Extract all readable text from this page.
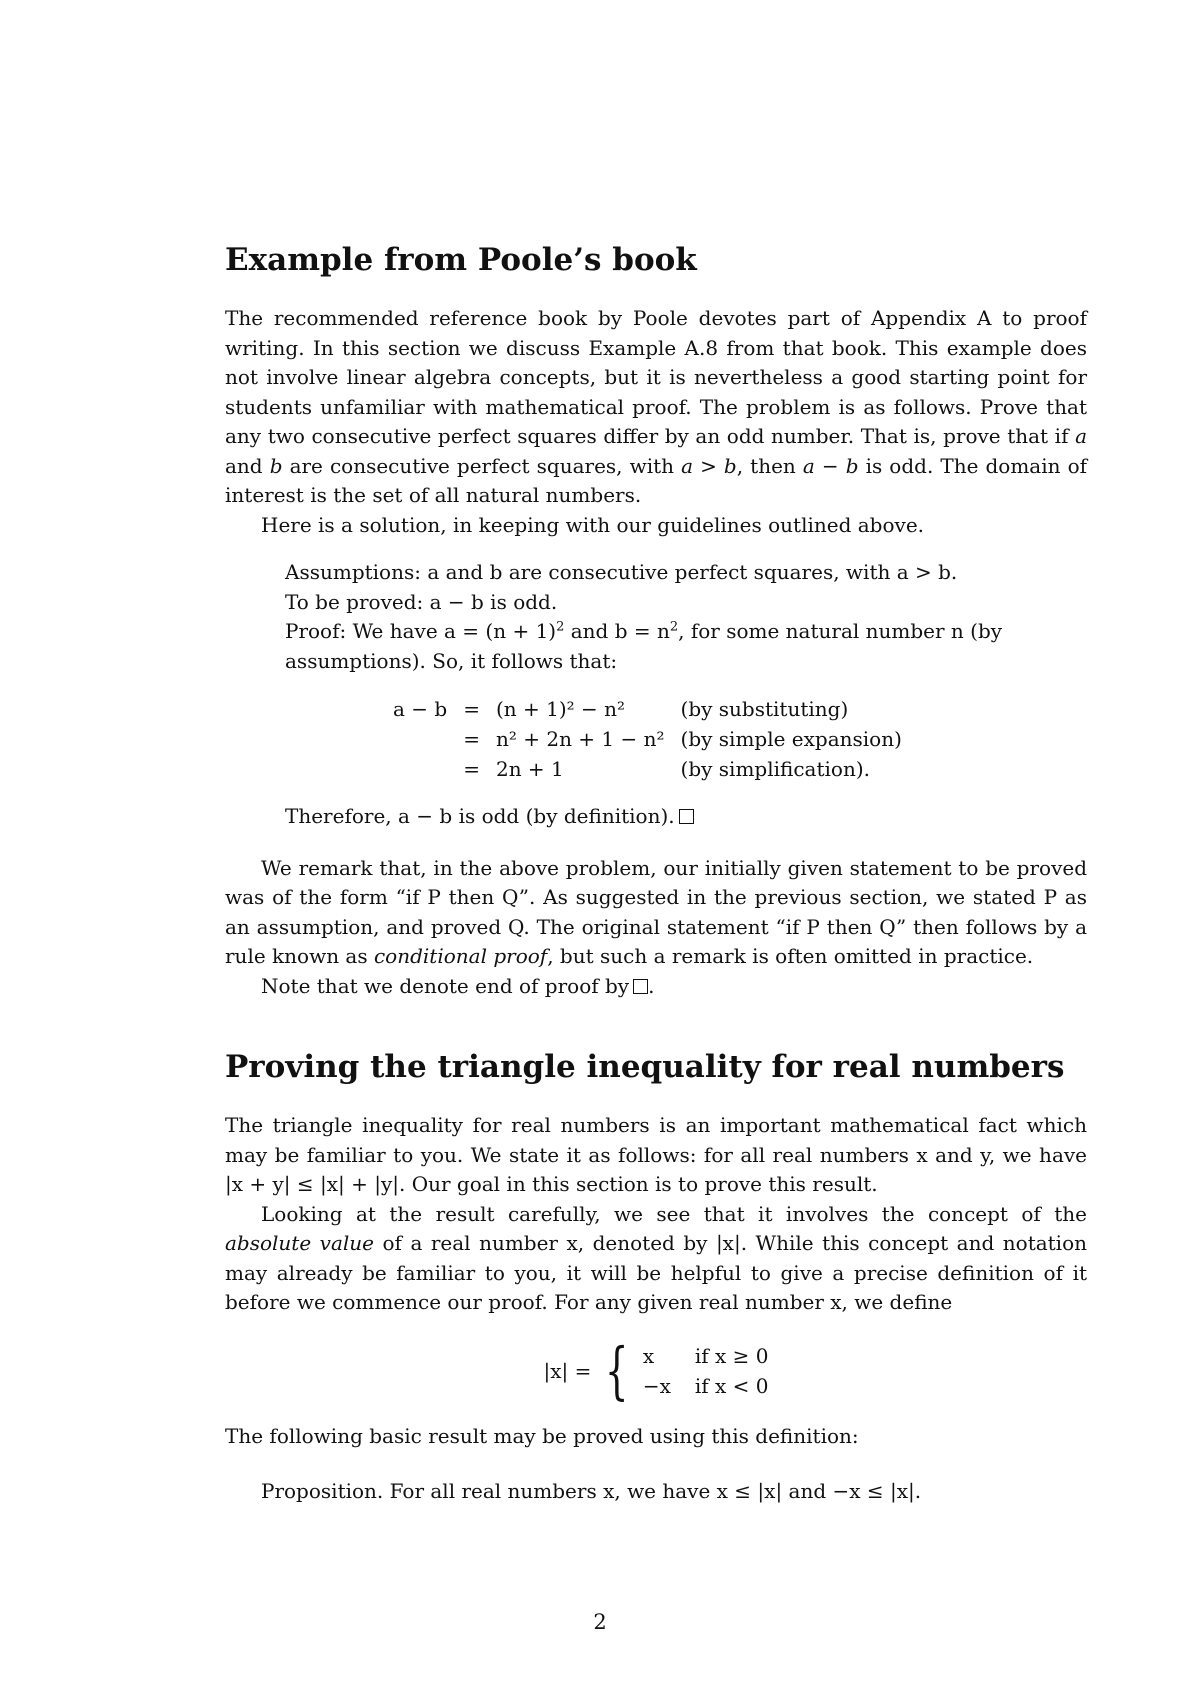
Example from Poole’s book

The recommended reference book by Poole devotes part of Appendix A to proof writing. In this section we discuss Example A.8 from that book. This example does not involve linear algebra concepts, but it is nevertheless a good starting point for students unfamiliar with mathematical proof. The problem is as follows. Prove that any two consecutive perfect squares differ by an odd number. That is, prove that if a and b are consecutive perfect squares, with a > b, then a − b is odd. The domain of interest is the set of all natural numbers.

Here is a solution, in keeping with our guidelines outlined above.

Assumptions: a and b are consecutive perfect squares, with a > b.

To be proved: a − b is odd.

Proof: We have $a = (n + 1)^2$ and $b = n^2$, for some natural number n (by assumptions). So, it follows that:

a − b	=	(n + 1)² − n²	(by substituting)
	=	n² + 2n + 1 − n²	(by simple expansion)
	=	2n + 1	(by simplification).

Therefore, a − b is odd (by definition).

We remark that, in the above problem, our initially given statement to be proved was of the form “if P then Q”. As suggested in the previous section, we stated P as an assumption, and proved Q. The original statement “if P then Q” then follows by a rule known as conditional proof, but such a remark is often omitted in practice.

Note that we denote end of proof by .

Proving the triangle inequality for real numbers

The triangle inequality for real numbers is an important mathematical fact which may be familiar to you. We state it as follows: for all real numbers x and y, we have |x + y| ≤ |x| + |y|. Our goal in this section is to prove this result.

Looking at the result carefully, we see that it involves the concept of the absolute value of a real number x, denoted by |x|. While this concept and notation may already be familiar to you, it will be helpful to give a precise definition of it before we commence our proof. For any given real number x, we define

|x| = { x if x ≥ 0
−x if x < 0

The following basic result may be proved using this definition:

Proposition. For all real numbers x, we have x ≤ |x| and −x ≤ |x|.

2
